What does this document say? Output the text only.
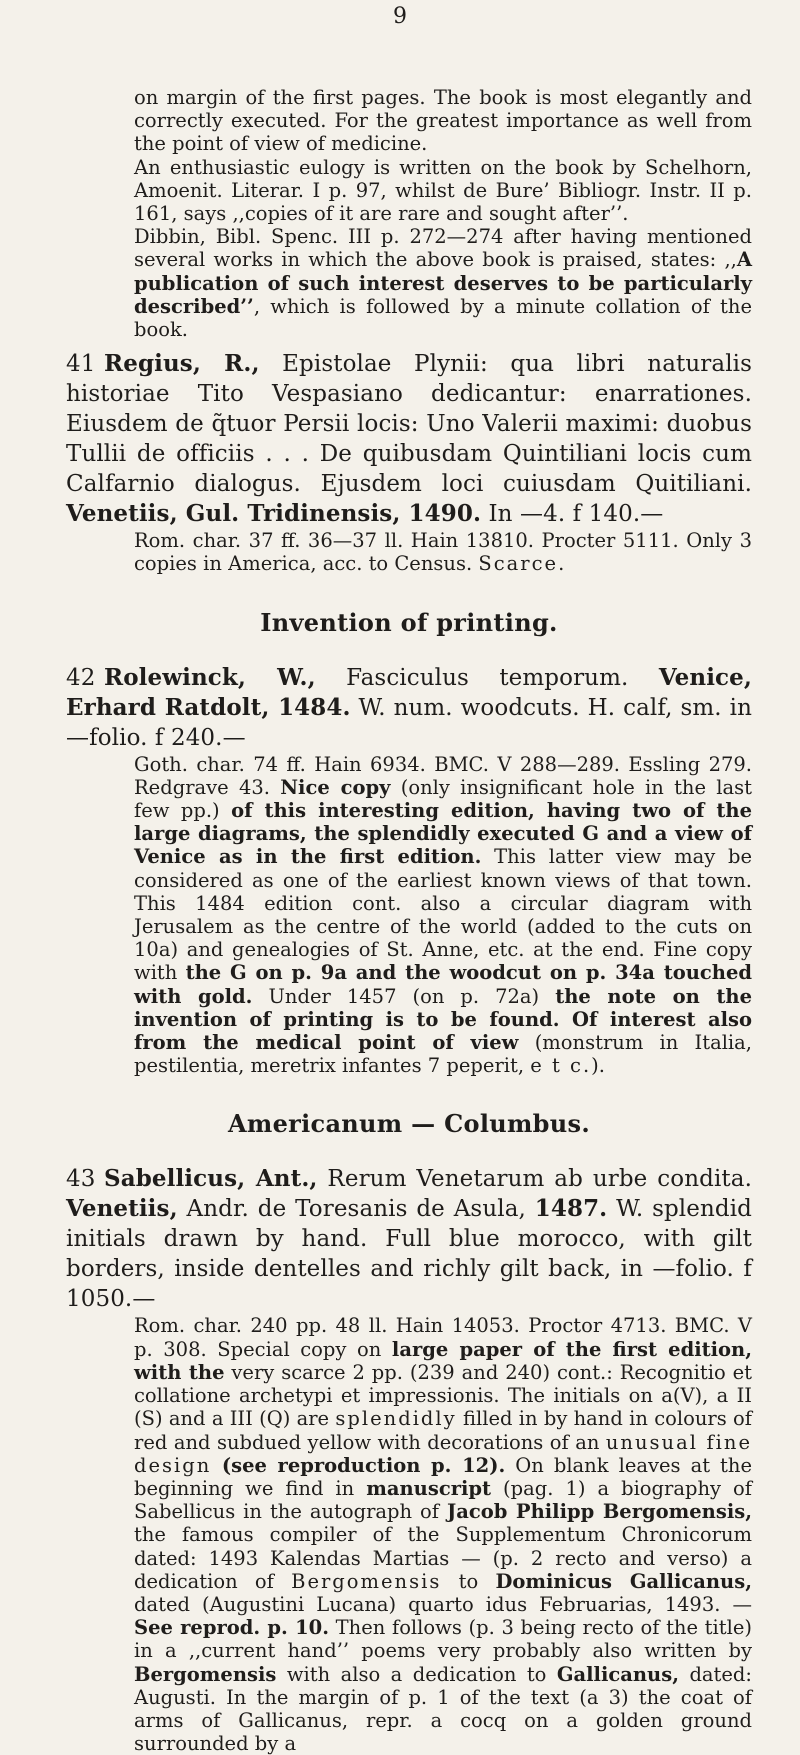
9

on margin of the first pages. The book is most elegantly and correctly executed. For the greatest importance as well from the point of view of medicine.

An enthusiastic eulogy is written on the book by Schelhorn, Amoenit. Literar. I p. 97, whilst de Bure’ Bibliogr. Instr. II p. 161, says ,,copies of it are rare and sought after’’.

Dibbin, Bibl. Spenc. III p. 272—274 after having mentioned several works in which the above book is praised, states: ,,A publication of such interest deserves to be particularly described’’, which is followed by a minute collation of the book.

41 Regius, R., Epistolae Plynii: qua libri naturalis historiae Tito Vespasiano dedicantur: enarrationes. Eiusdem de q̃tuor Persii locis: Uno Valerii maximi: duobus Tullii de officiis . . . De quibusdam Quintiliani locis cum Calfarnio dialogus. Ejusdem loci cuiusdam Quitiliani. Venetiis, Gul. Tridinensis, 1490. In —4. f 140.—

Rom. char. 37 ff. 36—37 ll. Hain 13810. Procter 5111. Only 3 copies in America, acc. to Census. Scarce.

Invention of printing.

42 Rolewinck, W., Fasciculus temporum. Venice, Erhard Ratdolt, 1484. W. num. woodcuts. H. calf, sm. in —folio. f 240.—

Goth. char. 74 ff. Hain 6934. BMC. V 288—289. Essling 279. Redgrave 43. Nice copy (only insignificant hole in the last few pp.) of this interesting edition, having two of the large diagrams, the splendidly executed G and a view of Venice as in the first edition. This latter view may be considered as one of the earliest known views of that town. This 1484 edition cont. also a circular diagram with Jerusalem as the centre of the world (added to the cuts on 10a) and genealogies of St. Anne, etc. at the end. Fine copy with the G on p. 9a and the woodcut on p. 34a touched with gold. Under 1457 (on p. 72a) the note on the invention of printing is to be found. Of interest also from the medical point of view (monstrum in Italia, pestilentia, meretrix infantes 7 peperit, e t c.).

Americanum — Columbus.

43 Sabellicus, Ant., Rerum Venetarum ab urbe condita. Venetiis, Andr. de Toresanis de Asula, 1487. W. splendid initials drawn by hand. Full blue morocco, with gilt borders, inside dentelles and richly gilt back, in —folio. f 1050.—

Rom. char. 240 pp. 48 ll. Hain 14053. Proctor 4713. BMC. V p. 308. Special copy on large paper of the first edition, with the very scarce 2 pp. (239 and 240) cont.: Recognitio et collatione archetypi et impressionis. The initials on a(V), a II (S) and a III (Q) are splendidly filled in by hand in colours of red and subdued yellow with decorations of an unusual fine design (see reproduction p. 12). On blank leaves at the beginning we find in manuscript (pag. 1) a biography of Sabellicus in the autograph of Jacob Philipp Bergomensis, the famous compiler of the Supplementum Chronicorum dated: 1493 Kalendas Martias — (p. 2 recto and verso) a dedication of Bergomensis to Dominicus Gallicanus, dated (Augustini Lucana) quarto idus Februarias, 1493. — See reprod. p. 10. Then follows (p. 3 being recto of the title) in a ,,current hand’’ poems very probably also written by Bergomensis with also a dedication to Gallicanus, dated: Augusti. In the margin of p. 1 of the text (a 3) the coat of arms of Gallicanus, repr. a cocq on a golden ground surrounded by a
